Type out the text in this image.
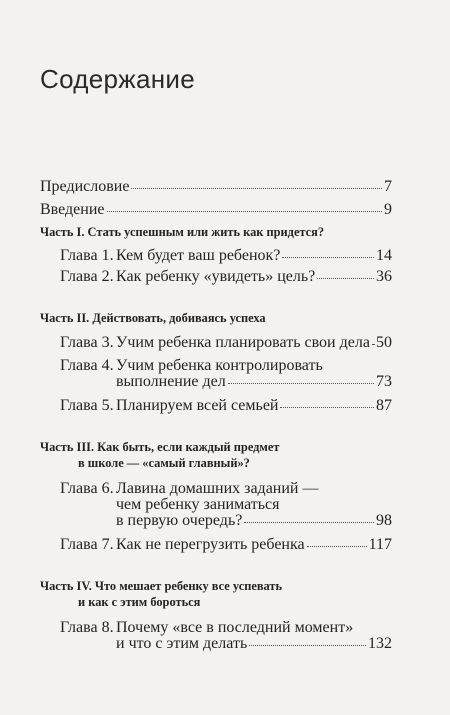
Содержание
Предисловие	7
Введение	9
Часть I. Стать успешным или жить как придется?
Глава 1. Кем будет ваш ребенок?	14
Глава 2. Как ребенку «увидеть» цель?	36
Часть II. Действовать, добиваясь успеха
Глава 3. Учим ребенка планировать свои дела 50
Глава 4. Учим ребенка контролировать
выполнение дел	73
Глава 5. Планируем всей семьей	87
Часть III. Как быть, если каждый предмет
в школе — «самый главный»?
Глава 6. Лавина домашних заданий —
чем ребенку заниматься
в первую очередь?	98
Глава 7. Как не перегрузить ребенка	117
Часть IV. Что мешает ребенку все успевать
и как с этим бороться
Глава 8. Почему «все в последний момент»
и что с этим делать	132
